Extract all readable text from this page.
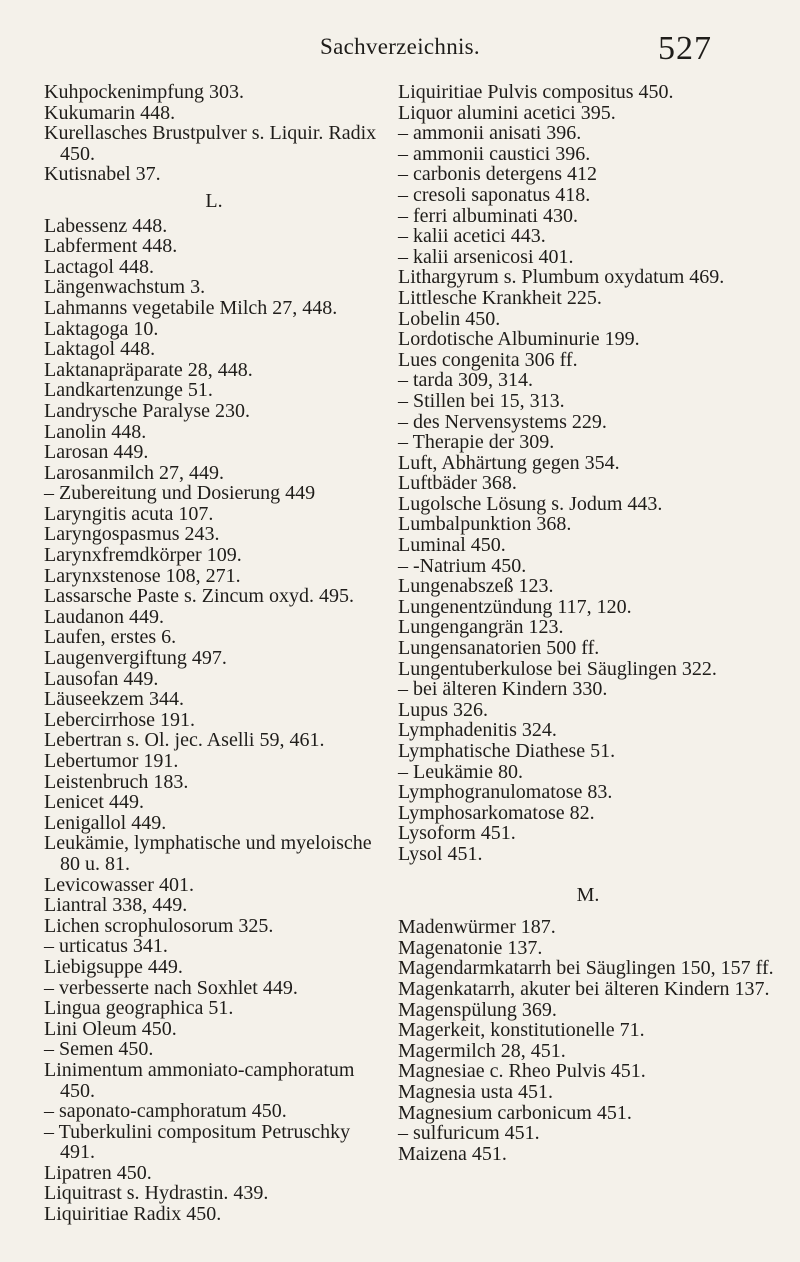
Sachverzeichnis.	527
Kuhpockenimpfung 303.
Kukumarin 448.
Kurellasches Brustpulver s. Liquir. Radix 450.
Kutisnabel 37.
L.
Labessenz 448.
Labferment 448.
Lactagol 448.
Längenwachstum 3.
Lahmanns vegetabile Milch 27, 448.
Laktagoga 10.
Laktagol 448.
Laktanapräparate 28, 448.
Landkartenzunge 51.
Landrysche Paralyse 230.
Lanolin 448.
Larosan 449.
Larosanmilch 27, 449.
– Zubereitung und Dosierung 449
Laryngitis acuta 107.
Laryngospasmus 243.
Larynxfremdkörper 109.
Larynxstenose 108, 271.
Lassarsche Paste s. Zincum oxyd. 495.
Laudanon 449.
Laufen, erstes 6.
Laugenvergiftung 497.
Lausofan 449.
Läuseekzem 344.
Lebercirrhose 191.
Lebertran s. Ol. jec. Aselli 59, 461.
Lebertumor 191.
Leistenbruch 183.
Lenicet 449.
Lenigallol 449.
Leukämie, lymphatische und myeloische 80 u. 81.
Levicowasser 401.
Liantral 338, 449.
Lichen scrophulosorum 325.
– urticatus 341.
Liebigsuppe 449.
– verbesserte nach Soxhlet 449.
Lingua geographica 51.
Lini Oleum 450.
– Semen 450.
Linimentum ammoniato-camphoratum 450.
– saponato-camphoratum 450.
– Tuberkulini compositum Petruschky 491.
Lipatren 450.
Liquitrast s. Hydrastin. 439.
Liquiritiae Radix 450.
Liquiritiae Pulvis compositus 450.
Liquor alumini acetici 395.
– ammonii anisati 396.
– ammonii caustici 396.
– carbonis detergens 412
– cresoli saponatus 418.
– ferri albuminati 430.
– kalii acetici 443.
– kalii arsenicosi 401.
Lithargyrum s. Plumbum oxydatum 469.
Littlesche Krankheit 225.
Lobelin 450.
Lordotische Albuminurie 199.
Lues congenita 306 ff.
– tarda 309, 314.
– Stillen bei 15, 313.
– des Nervensystems 229.
– Therapie der 309.
Luft, Abhärtung gegen 354.
Luftbäder 368.
Lugolsche Lösung s. Jodum 443.
Lumbalpunktion 368.
Luminal 450.
– -Natrium 450.
Lungenabszeß 123.
Lungenentzündung 117, 120.
Lungengangrän 123.
Lungensanatorien 500 ff.
Lungentuberkulose bei Säuglingen 322.
– bei älteren Kindern 330.
Lupus 326.
Lymphadenitis 324.
Lymphatische Diathese 51.
– Leukämie 80.
Lymphogranulomatose 83.
Lymphosarkomatose 82.
Lysoform 451.
Lysol 451.
M.
Madenwürmer 187.
Magenatonie 137.
Magendarmkatarrh bei Säuglingen 150, 157 ff.
Magenkatarrh, akuter bei älteren Kindern 137.
Magenspülung 369.
Magerkeit, konstitutionelle 71.
Magermilch 28, 451.
Magnesiae c. Rheo Pulvis 451.
Magnesia usta 451.
Magnesium carbonicum 451.
– sulfuricum 451.
Maizena 451.
